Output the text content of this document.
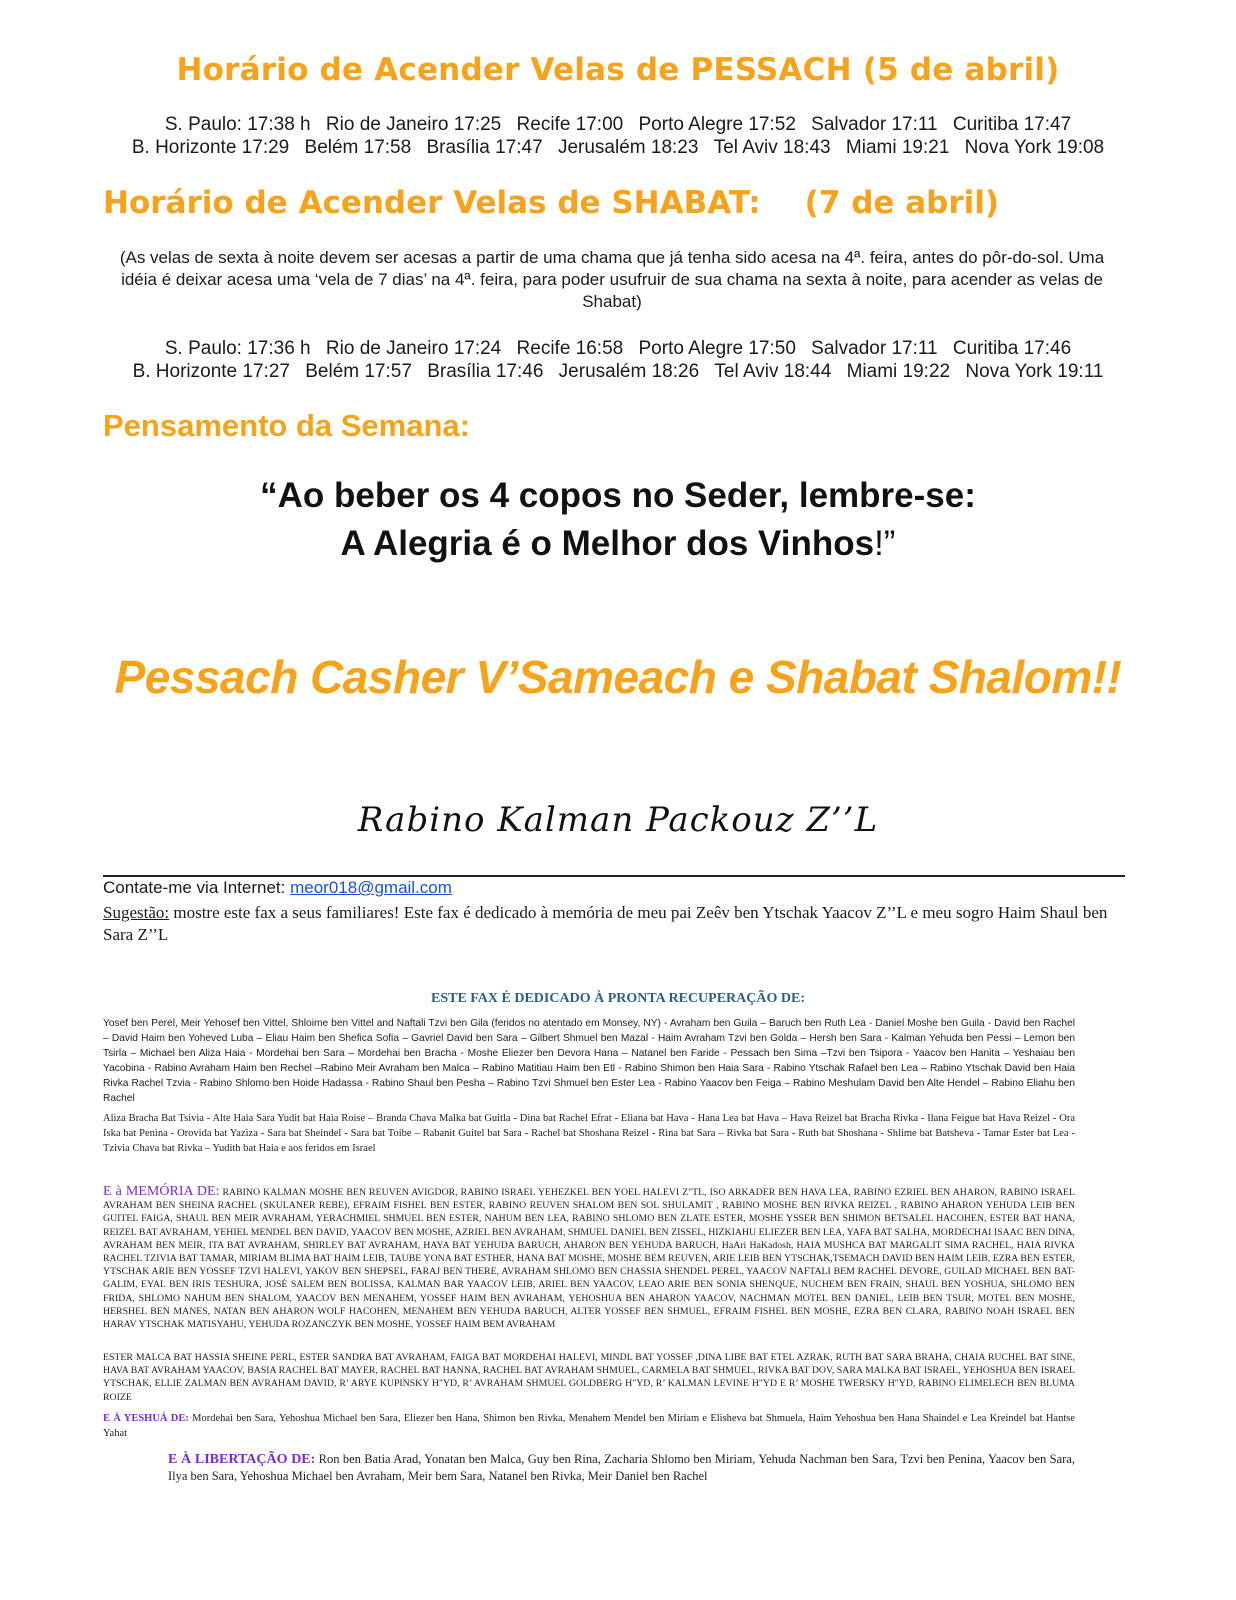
Horário de Acender Velas de PESSACH (5 de abril)
S. Paulo: 17:38 h Rio de Janeiro 17:25 Recife 17:00 Porto Alegre 17:52 Salvador 17:11 Curitiba 17:47
B. Horizonte 17:29 Belém 17:58 Brasília 17:47 Jerusalém 18:23 Tel Aviv 18:43 Miami 19:21 Nova York 19:08
Horário de Acender Velas de SHABAT: (7 de abril)
(As velas de sexta à noite devem ser acesas a partir de uma chama que já tenha sido acesa na 4ª. feira, antes do pôr-do-sol. Uma idéia é deixar acesa uma ‘vela de 7 dias’ na 4ª. feira, para poder usufruir de sua chama na sexta à noite, para acender as velas de Shabat)
S. Paulo: 17:36 h Rio de Janeiro 17:24 Recife 16:58 Porto Alegre 17:50 Salvador 17:11 Curitiba 17:46
B. Horizonte 17:27 Belém 17:57 Brasília 17:46 Jerusalém 18:26 Tel Aviv 18:44 Miami 19:22 Nova York 19:11
Pensamento da Semana:
“Ao beber os 4 copos no Seder, lembre-se:
A Alegria é o Melhor dos Vinhos!”
Pessach Casher V’Sameach e Shabat Shalom!!
Rabino Kalman Packouz Z’’L
Contate-me via Internet: meor018@gmail.com
Sugestão: mostre este fax a seus familiares! Este fax é dedicado à memória de meu pai Zeêv ben Ytschak Yaacov Z’’L e meu sogro Haim Shaul ben Sara Z’’L
ESTE FAX É DEDICADO À PRONTA RECUPERAÇÃO DE:
Yosef ben Perel, Meir Yehosef ben Vittel, Shloime ben Vittel and Naftali Tzvi ben Gila (feridos no atentado em Monsey, NY) - Avraham ben Guila – Baruch ben Ruth Lea - Daniel Moshe ben Guila - David ben Rachel – David Haim ben Yoheved Luba – Eliau Haim ben Shefica Sofia – Gavriel David ben Sara – Gilbert Shmuel ben Mazal - Haim Avraham Tzvi ben Golda – Hersh ben Sara - Kalman Yehuda ben Pessi – Lemon ben Tsirla – Michael ben Aliza Haia - Mordehai ben Sara – Mordehai ben Bracha - Moshe Eliezer ben Devora Hana – Natanel ben Faride - Pessach ben Sima –Tzvi ben Tsipora - Yaacov ben Hanita – Yeshaiau ben Yacobina - Rabino Avraham Haim ben Rechel –Rabino Meir Avraham ben Malca – Rabino Matitiau Haim ben Etl - Rabino Shimon ben Haia Sara - Rabino Ytschak Rafael ben Lea – Rabino Ytschak David ben Haia Rivka Rachel Tzvia - Rabino Shlomo ben Hoide Hadassa - Rabino Shaul ben Pesha – Rabino Tzvi Shmuel ben Ester Lea - Rabino Yaacov ben Feiga – Rabino Meshulam David ben Alte Hendel – Rabino Eliahu ben Rachel
Aliza Bracha Bat Tsivia - Alte Haia Sara Yudit bat Haia Roise – Branda Chava Malka bat Guitla - Dina bat Rachel Efrat - Eliana bat Hava - Hana Lea bat Hava – Hava Reizel bat Bracha Rivka - Ilana Feigue bat Hava Reizel - Ora Iska bat Penina - Orovida bat Yaziza - Sara bat Sheindel - Sara bat Toibe – Rabanit Guitel bat Sara - Rachel bat Shoshana Reizel - Rina bat Sara – Rivka bat Sara - Ruth bat Shoshana - Shlime bat Batsheva - Tamar Ester bat Lea - Tzivia Chava bat Rivka – Yudith bat Haia e aos feridos em Israel
E à MEMÓRIA DE: RABINO KALMAN MOSHE BEN REUVEN AVIGDOR, RABINO ISRAEL YEHEZKEL BEN YOEL HALEVI Z"TL, ISO ARKADER BEN HAVA LEA, RABINO EZRIEL BEN AHARON, RABINO ISRAEL AVRAHAM BEN SHEINA RACHEL (SKULANER REBE), EFRAIM FISHEL BEN ESTER, RABINO REUVEN SHALOM BEN SOL SHULAMIT , RABINO MOSHE BEN RIVKA REIZEL , RABINO AHARON YEHUDA LEIB BEN GUITEL FAIGA, SHAUL BEN MEIR AVRAHAM, YERACHMIEL SHMUEL BEN ESTER, NAHUM BEN LEA, RABINO SHLOMO BEN ZLATE ESTER, MOSHE YSSER BEN SHIMON BETSALEL HACOHEN, ESTER BAT HANA, REIZEL BAT AVRAHAM, YEHIEL MENDEL BEN DAVID, YAACOV BEN MOSHE, AZRIEL BEN AVRAHAM, SHMUEL DANIEL BEN ZISSEL, HIZKIAHU ELIEZER BEN LEA, YAFA BAT SALHA, MORDECHAI ISAAC BEN DINA, AVRAHAM BEN MEIR, ITA BAT AVRAHAM, SHIRLEY BAT AVRAHAM, HAYA BAT YEHUDA BARUCH, AHARON BEN YEHUDA BARUCH, HaAri HaKadosh, HAIA MUSHCA BAT MARGALIT SIMA RACHEL, HAIA RIVKA RACHEL TZIVIA BAT TAMAR, MIRIAM BLIMA BAT HAIM LEIB, TAUBE YONA BAT ESTHER, HANA BAT MOSHE, MOSHE BEM REUVEN, ARIE LEIB BEN YTSCHAK,TSEMACH DAVID BEN HAIM LEIB, EZRA BEN ESTER, YTSCHAK ARIE BEN YOSSEF TZVI HALEVI, YAKOV BEN SHEPSEL, FARAJ BEN THERE, AVRAHAM SHLOMO BEN CHASSIA SHENDEL PEREL, YAACOV NAFTALI BEM RACHEL DEVORE, GUILAD MICHAEL BEN BAT-GALIM, EYAL BEN IRIS TESHURA, JOSÉ SALEM BEN BOLISSA, KALMAN BAR YAACOV LEIB, ARIEL BEN YAACOV, LEAO ARIE BEN SONIA SHENQUE, NUCHEM BEN FRAIN, SHAUL BEN YOSHUA, SHLOMO BEN FRIDA, SHLOMO NAHUM BEN SHALOM, YAACOV BEN MENAHEM, YOSSEF HAIM BEN AVRAHAM, YEHOSHUA BEN AHARON YAACOV, NACHMAN MOTEL BEN DANIEL, LEIB BEN TSUR, MOTEL BEN MOSHE, HERSHEL BEN MANES, NATAN BEN AHARON WOLF HACOHEN, MENAHEM BEN YEHUDA BARUCH, ALTER YOSSEF BEN SHMUEL, EFRAIM FISHEL BEN MOSHE, EZRA BEN CLARA, RABINO NOAH ISRAEL BEN HARAV YTSCHAK MATISYAHU, YEHUDA ROZANCZYK BEN MOSHE, YOSSEF HAIM BEM AVRAHAM
ESTER MALCA BAT HASSIA SHEINE PERL, ESTER SANDRA BAT AVRAHAM, FAIGA BAT MORDEHAI HALEVI, MINDL BAT YOSSEF ,DINA LIBE BAT ETEL AZRAK, RUTH BAT SARA BRAHA, CHAIA RUCHEL BAT SINE, HAVA BAT AVRAHAM YAACOV, BASIA RACHEL BAT MAYER, RACHEL BAT HANNA, RACHEL BAT AVRAHAM SHMUEL, CARMELA BAT SHMUEL, RIVKA BAT DOV, SARA MALKA BAT ISRAEL, YEHOSHUA BEN ISRAEL YTSCHAK, ELLIE ZALMAN BEN AVRAHAM DAVID, R’ ARYE KUPINSKY H"YD, R’ AVRAHAM SHMUEL GOLDBERG H"YD, R’ KALMAN LEVINE H"YD E R’ MOSHE TWERSKY H"YD, RABINO ELIMELECH BEN BLUMA ROIZE
E À YESHUÁ DE: Mordehai ben Sara, Yehoshua Michael ben Sara, Eliezer ben Hana, Shimon ben Rivka, Menahem Mendel ben Miriam e Elisheva bat Shmuela, Haim Yehoshua ben Hana Shaindel e Lea Kreindel bat Hantse Yahat
E À LIBERTAÇÃO DE: Ron ben Batia Arad, Yonatan ben Malca, Guy ben Rina, Zacharia Shlomo ben Miriam, Yehuda Nachman ben Sara, Tzvi ben Penina, Yaacov ben Sara, Ilya ben Sara, Yehoshua Michael ben Avraham, Meir bem Sara, Natanel ben Rivka, Meir Daniel ben Rachel
